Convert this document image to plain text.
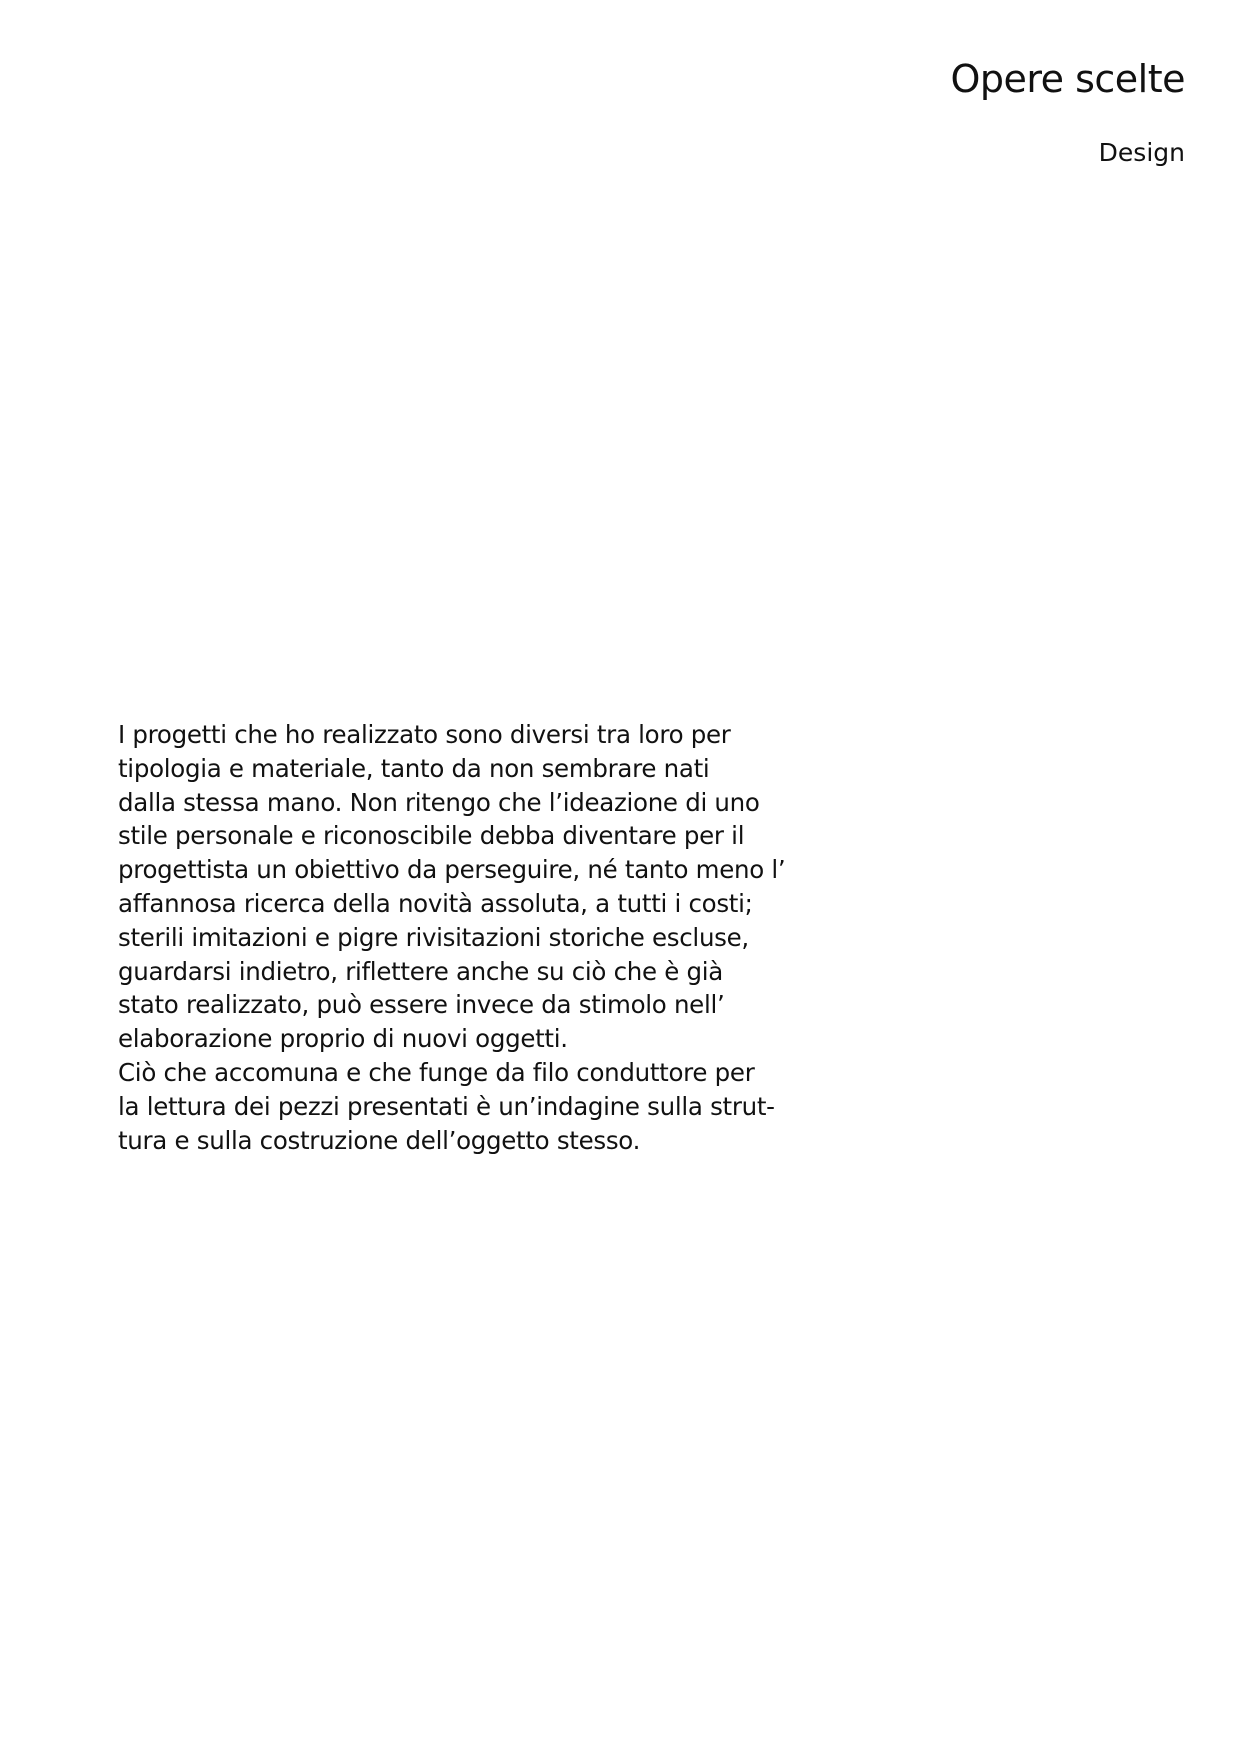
Opere scelte
Design
I progetti che ho realizzato sono diversi tra loro per
tipologia e materiale, tanto da non sembrare nati
dalla stessa mano. Non ritengo che l’ideazione di uno
stile personale e riconoscibile debba diventare per il
progettista un obiettivo da perseguire, né tanto meno l’
affannosa ricerca della novità assoluta, a tutti i costi;
sterili imitazioni e pigre rivisitazioni storiche escluse,
guardarsi indietro, riflettere anche su ciò che è già
stato realizzato, può essere invece da stimolo nell’
elaborazione proprio di nuovi oggetti.
Ciò che accomuna e che funge da filo conduttore per
la lettura dei pezzi presentati è un’indagine sulla strut-
tura e sulla costruzione dell’oggetto stesso.
